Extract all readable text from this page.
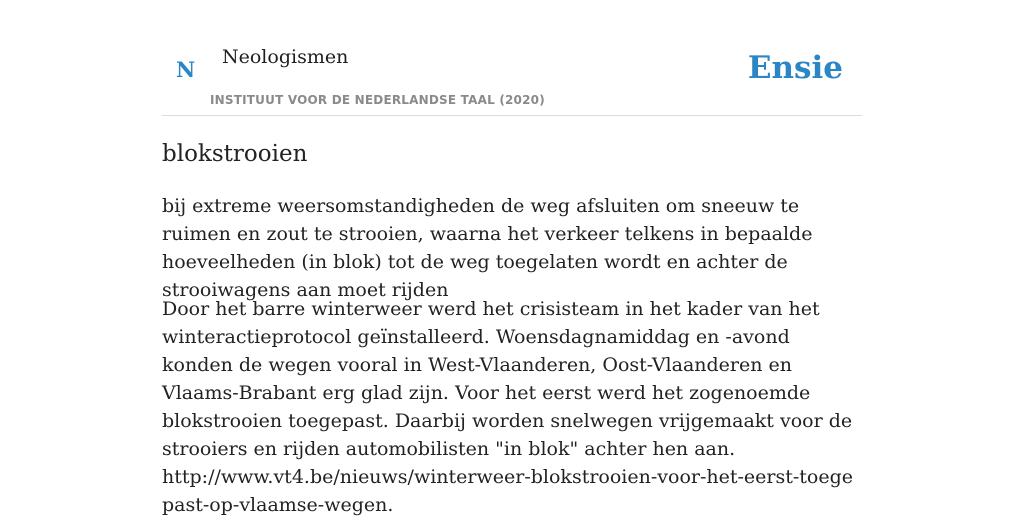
N Neologismen
INSTITUUT VOOR DE NEDERLANDSE TAAL (2020)
Ensie
blokstrooien

bij extreme weersomstandigheden de weg afsluiten om sneeuw te ruimen en zout te strooien, waarna het verkeer telkens in bepaalde hoeveelheden (in blok) tot de weg toegelaten wordt en achter de strooiwagens aan moet rijden

Door het barre winterweer werd het crisisteam in het kader van het winteractieprotocol geïnstalleerd. Woensdagnamiddag en -avond konden de wegen vooral in West-Vlaanderen, Oost-Vlaanderen en Vlaams-Brabant erg glad zijn. Voor het eerst werd het zogenoemde blokstrooien toegepast. Daarbij worden snelwegen vrijgemaakt voor de strooiers en rijden automobilisten "in blok" achter hen aan.
http://www.vt4.be/nieuws/winterweer-blokstrooien-voor-het-eerst-toegepast-op-vlaamse-wegen.
